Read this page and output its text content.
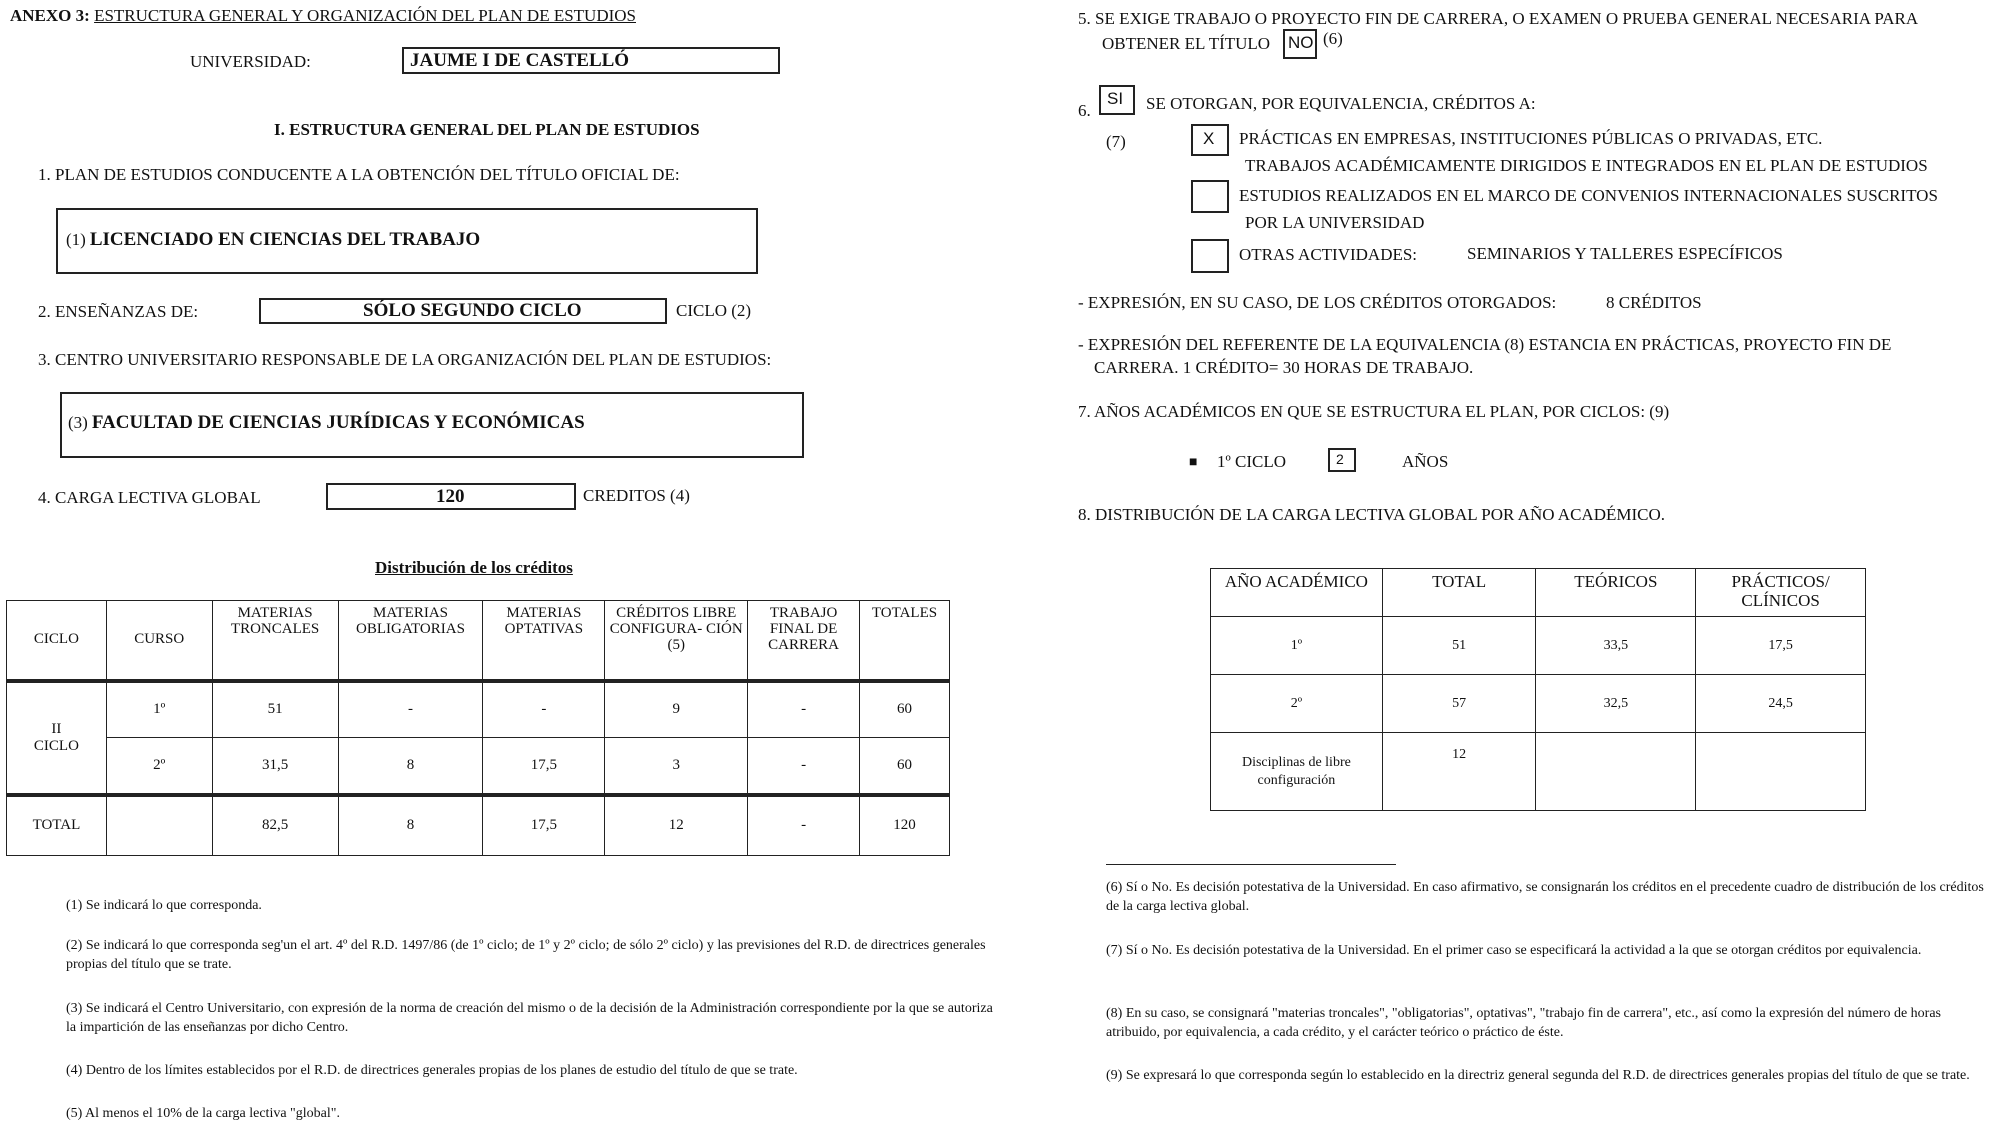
ANEXO 3: ESTRUCTURA GENERAL Y ORGANIZACIÓN DEL PLAN DE ESTUDIOS
UNIVERSIDAD:	JAUME I DE CASTELLÓ
I. ESTRUCTURA GENERAL DEL PLAN DE ESTUDIOS
1. PLAN DE ESTUDIOS CONDUCENTE A LA OBTENCIÓN DEL TÍTULO OFICIAL DE:
(1) LICENCIADO EN CIENCIAS DEL TRABAJO
2. ENSEÑANZAS DE:	SÓLO SEGUNDO CICLO	CICLO (2)
3. CENTRO UNIVERSITARIO RESPONSABLE DE LA ORGANIZACIÓN DEL PLAN DE ESTUDIOS:
(3) FACULTAD DE CIENCIAS JURÍDICAS Y ECONÓMICAS
4. CARGA LECTIVA GLOBAL	120	CREDITOS (4)
Distribución de los créditos
CICLO	CURSO	MATERIAS TRONCALES	MATERIAS OBLIGATORIAS	MATERIAS OPTATIVAS	CRÉDITOS LIBRE CONFIGURA- CIÓN (5)	TRABAJO FINAL DE CARRERA	TOTALES

II
CICLO	1º	51	-	-	9	-	60
	2º	31,5	8	17,5	3	-	60
TOTAL		82,5	8	17,5	12	-	120
(1) Se indicará lo que corresponda.
(2) Se indicará lo que corresponda seg'un el art. 4º del R.D. 1497/86 (de 1º ciclo; de 1º y 2º ciclo; de sólo 2º ciclo) y las previsiones del R.D. de directrices generales propias del título que se trate.
(3) Se indicará el Centro Universitario, con expresión de la norma de creación del mismo o de la decisión de la Administración correspondiente por la que se autoriza la impartición de las enseñanzas por dicho Centro.
(4) Dentro de los límites establecidos por el R.D. de directrices generales propias de los planes de estudio del título de que se trate.
(5) Al menos el 10% de la carga lectiva "global".
5. SE EXIGE TRABAJO O PROYECTO FIN DE CARRERA, O EXAMEN O PRUEBA GENERAL NECESARIA PARA
OBTENER EL TÍTULO NO (6)
6.
SI SE OTORGAN, POR EQUIVALENCIA, CRÉDITOS A:
(7)	X PRÁCTICAS EN EMPRESAS, INSTITUCIONES PÚBLICAS O PRIVADAS, ETC.
TRABAJOS ACADÉMICAMENTE DIRIGIDOS E INTEGRADOS EN EL PLAN DE ESTUDIOS
ESTUDIOS REALIZADOS EN EL MARCO DE CONVENIOS INTERNACIONALES SUSCRITOS
POR LA UNIVERSIDAD
OTRAS ACTIVIDADES:	SEMINARIOS Y TALLERES ESPECÍFICOS
- EXPRESIÓN, EN SU CASO, DE LOS CRÉDITOS OTORGADOS:	8 CRÉDITOS
- EXPRESIÓN DEL REFERENTE DE LA EQUIVALENCIA (8) ESTANCIA EN PRÁCTICAS, PROYECTO FIN DE
CARRERA. 1 CRÉDITO= 30 HORAS DE TRABAJO.
7. AÑOS ACADÉMICOS EN QUE SE ESTRUCTURA EL PLAN, POR CICLOS: (9)
■ 1º CICLO	2	AÑOS
8. DISTRIBUCIÓN DE LA CARGA LECTIVA GLOBAL POR AÑO ACADÉMICO.
AÑO ACADÉMICO	TOTAL	TEÓRICOS	PRÁCTICOS/ CLÍNICOS
1º	51	33,5	17,5
2º	57	32,5	24,5
Disciplinas de libre configuración	12		
(6) Sí o No. Es decisión potestativa de la Universidad. En caso afirmativo, se consignarán los créditos en el precedente cuadro de distribución de los créditos de la carga lectiva global.
(7) Sí o No. Es decisión potestativa de la Universidad. En el primer caso se especificará la actividad a la que se otorgan créditos por equivalencia.
(8) En su caso, se consignará "materias troncales", "obligatorias", optativas", "trabajo fin de carrera", etc., así como la expresión del número de horas atribuido, por equivalencia, a cada crédito, y el carácter teórico o práctico de éste.
(9) Se expresará lo que corresponda según lo establecido en la directriz general segunda del R.D. de directrices generales propias del título de que se trate.
